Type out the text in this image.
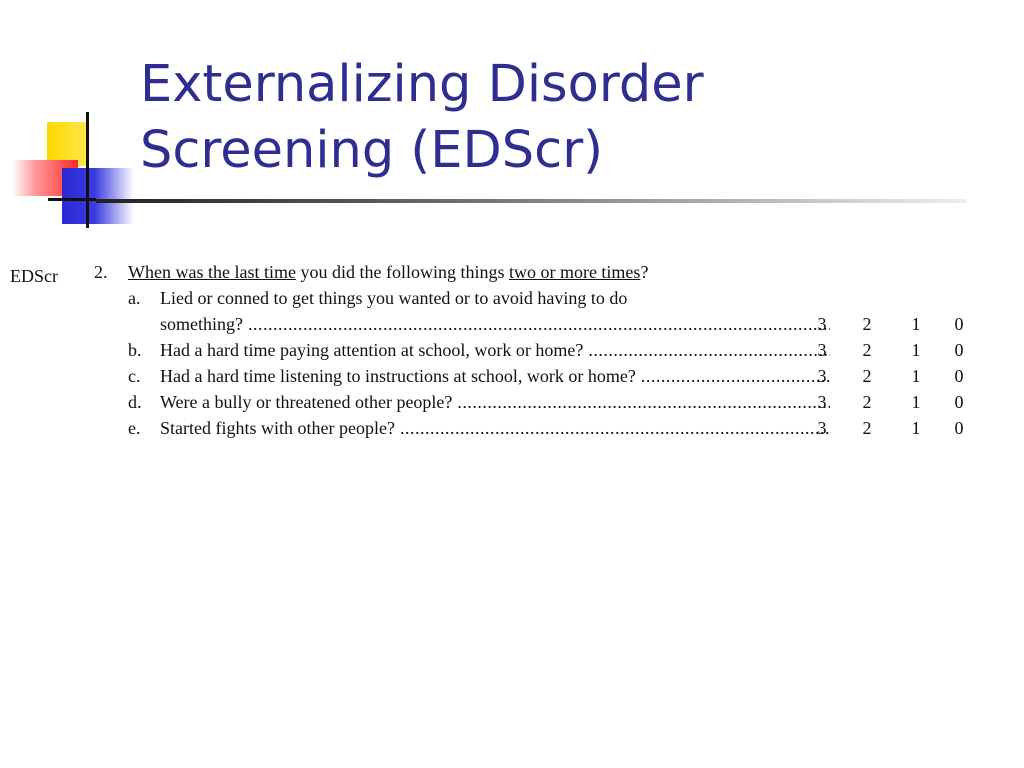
Externalizing Disorder
Screening (EDScr)
EDScr 2. When was the last time you did the following things two or more times?
a. Lied or conned to get things you wanted or to avoid having to do
something? .....	3	2	1	0
b. Had a hard time paying attention at school, work or home? .....	3	2	1	0
c. Had a hard time listening to instructions at school, work or home? .....	3	2	1	0
d. Were a bully or threatened other people? .....	3	2	1	0
e. Started fights with other people? .....	3	2	1	0
